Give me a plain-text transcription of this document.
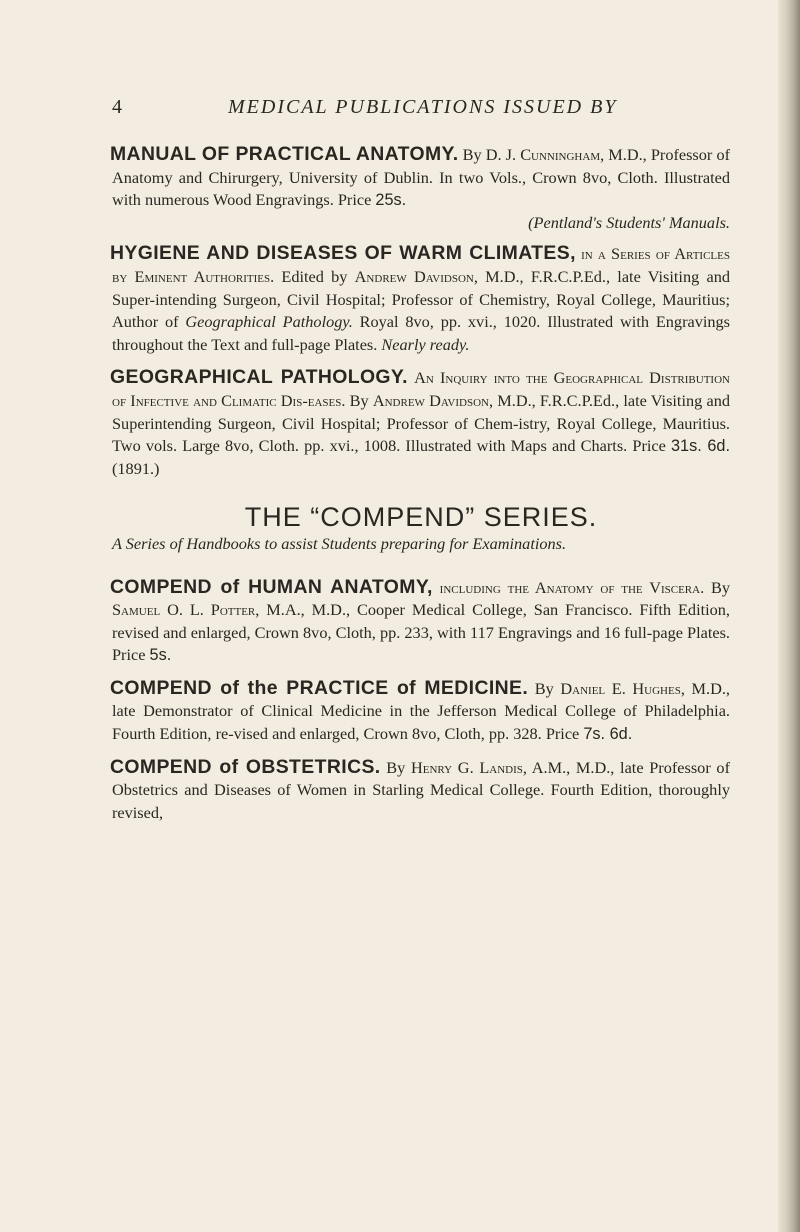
4	MEDICAL PUBLICATIONS ISSUED BY

MANUAL OF PRACTICAL ANATOMY. By D. J. Cunningham, M.D., Professor of Anatomy and Chirurgery, University of Dublin. In two Vols., Crown 8vo, Cloth. Illustrated with numerous Wood Engravings. Price 25s.

(Pentland's Students' Manuals.

HYGIENE AND DISEASES OF WARM CLIMATES, in a Series of Articles by Eminent Authorities. Edited by Andrew Davidson, M.D., F.R.C.P.Ed., late Visiting and Super-intending Surgeon, Civil Hospital; Professor of Chemistry, Royal College, Mauritius; Author of Geographical Pathology. Royal 8vo, pp. xvi., 1020. Illustrated with Engravings throughout the Text and full-page Plates. Nearly ready.

GEOGRAPHICAL PATHOLOGY. An Inquiry into the Geographical Distribution of Infective and Climatic Dis-eases. By Andrew Davidson, M.D., F.R.C.P.Ed., late Visiting and Superintending Surgeon, Civil Hospital; Professor of Chem-istry, Royal College, Mauritius. Two vols. Large 8vo, Cloth. pp. xvi., 1008. Illustrated with Maps and Charts. Price 31s. 6d. (1891.)

THE “COMPEND” SERIES.

A Series of Handbooks to assist Students preparing for Examinations.

COMPEND of HUMAN ANATOMY, including the Anatomy of the Viscera. By Samuel O. L. Potter, M.A., M.D., Cooper Medical College, San Francisco. Fifth Edition, revised and enlarged, Crown 8vo, Cloth, pp. 233, with 117 Engravings and 16 full-page Plates. Price 5s.

COMPEND of the PRACTICE of MEDICINE. By Daniel E. Hughes, M.D., late Demonstrator of Clinical Medicine in the Jefferson Medical College of Philadelphia. Fourth Edition, re-vised and enlarged, Crown 8vo, Cloth, pp. 328. Price 7s. 6d.

COMPEND of OBSTETRICS. By Henry G. Landis, A.M., M.D., late Professor of Obstetrics and Diseases of Women in Starling Medical College. Fourth Edition, thoroughly revised,
